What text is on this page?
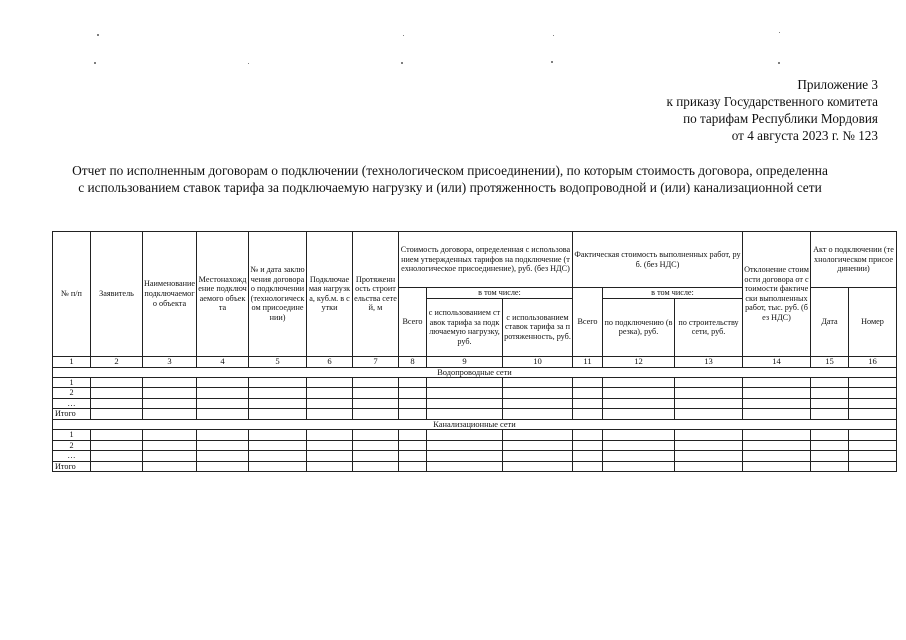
Приложение 3
к приказу Государственного комитета
по тарифам Республики Мордовия
от 4 августа 2023 г. № 123
Отчет по исполненным договорам о подключении (технологическом присоединении), по которым стоимость договора, определенна с использованием ставок тарифа за подключаемую нагрузку и (или) протяженность водопроводной и (или) канализационной сети
№ п/п	Заявитель	Наименование подключаемого объекта	Местонахождение подключаемого объекта	№ и дата заключения договора о подключении (технологическом присоединении)	Подключаемая нагрузка, куб.м. в сутки	Протяженность строительства сетей, м	Стоимость договора, определенная с использованием утвержденных тарифов на подключение (технологическое присоединение), руб. (без НДС)			Фактическая стоимость выполненных работ, руб. (без НДС)			Отклонение стоимости договора от стоимости фактически выполненных работ, тыс. руб. (без НДС)	Акт о подключении (технологическом присоединении)	
							Всего	в том числе:		Всего	в том числе:			Дата	Номер
								с использованием ставок тарифа за подключаемую нагрузку, руб.	с использованием ставок тарифа за протяженность, руб.		по подключению (врезка), руб.	по строительству сети, руб.			
1	2	3	4	5	6	7	8	9	10	11	12	13	14	15	16
Водопроводные сети															
1															
2															
…															
Итого															
Канализационные сети															
1															
2															
…															
Итого															
